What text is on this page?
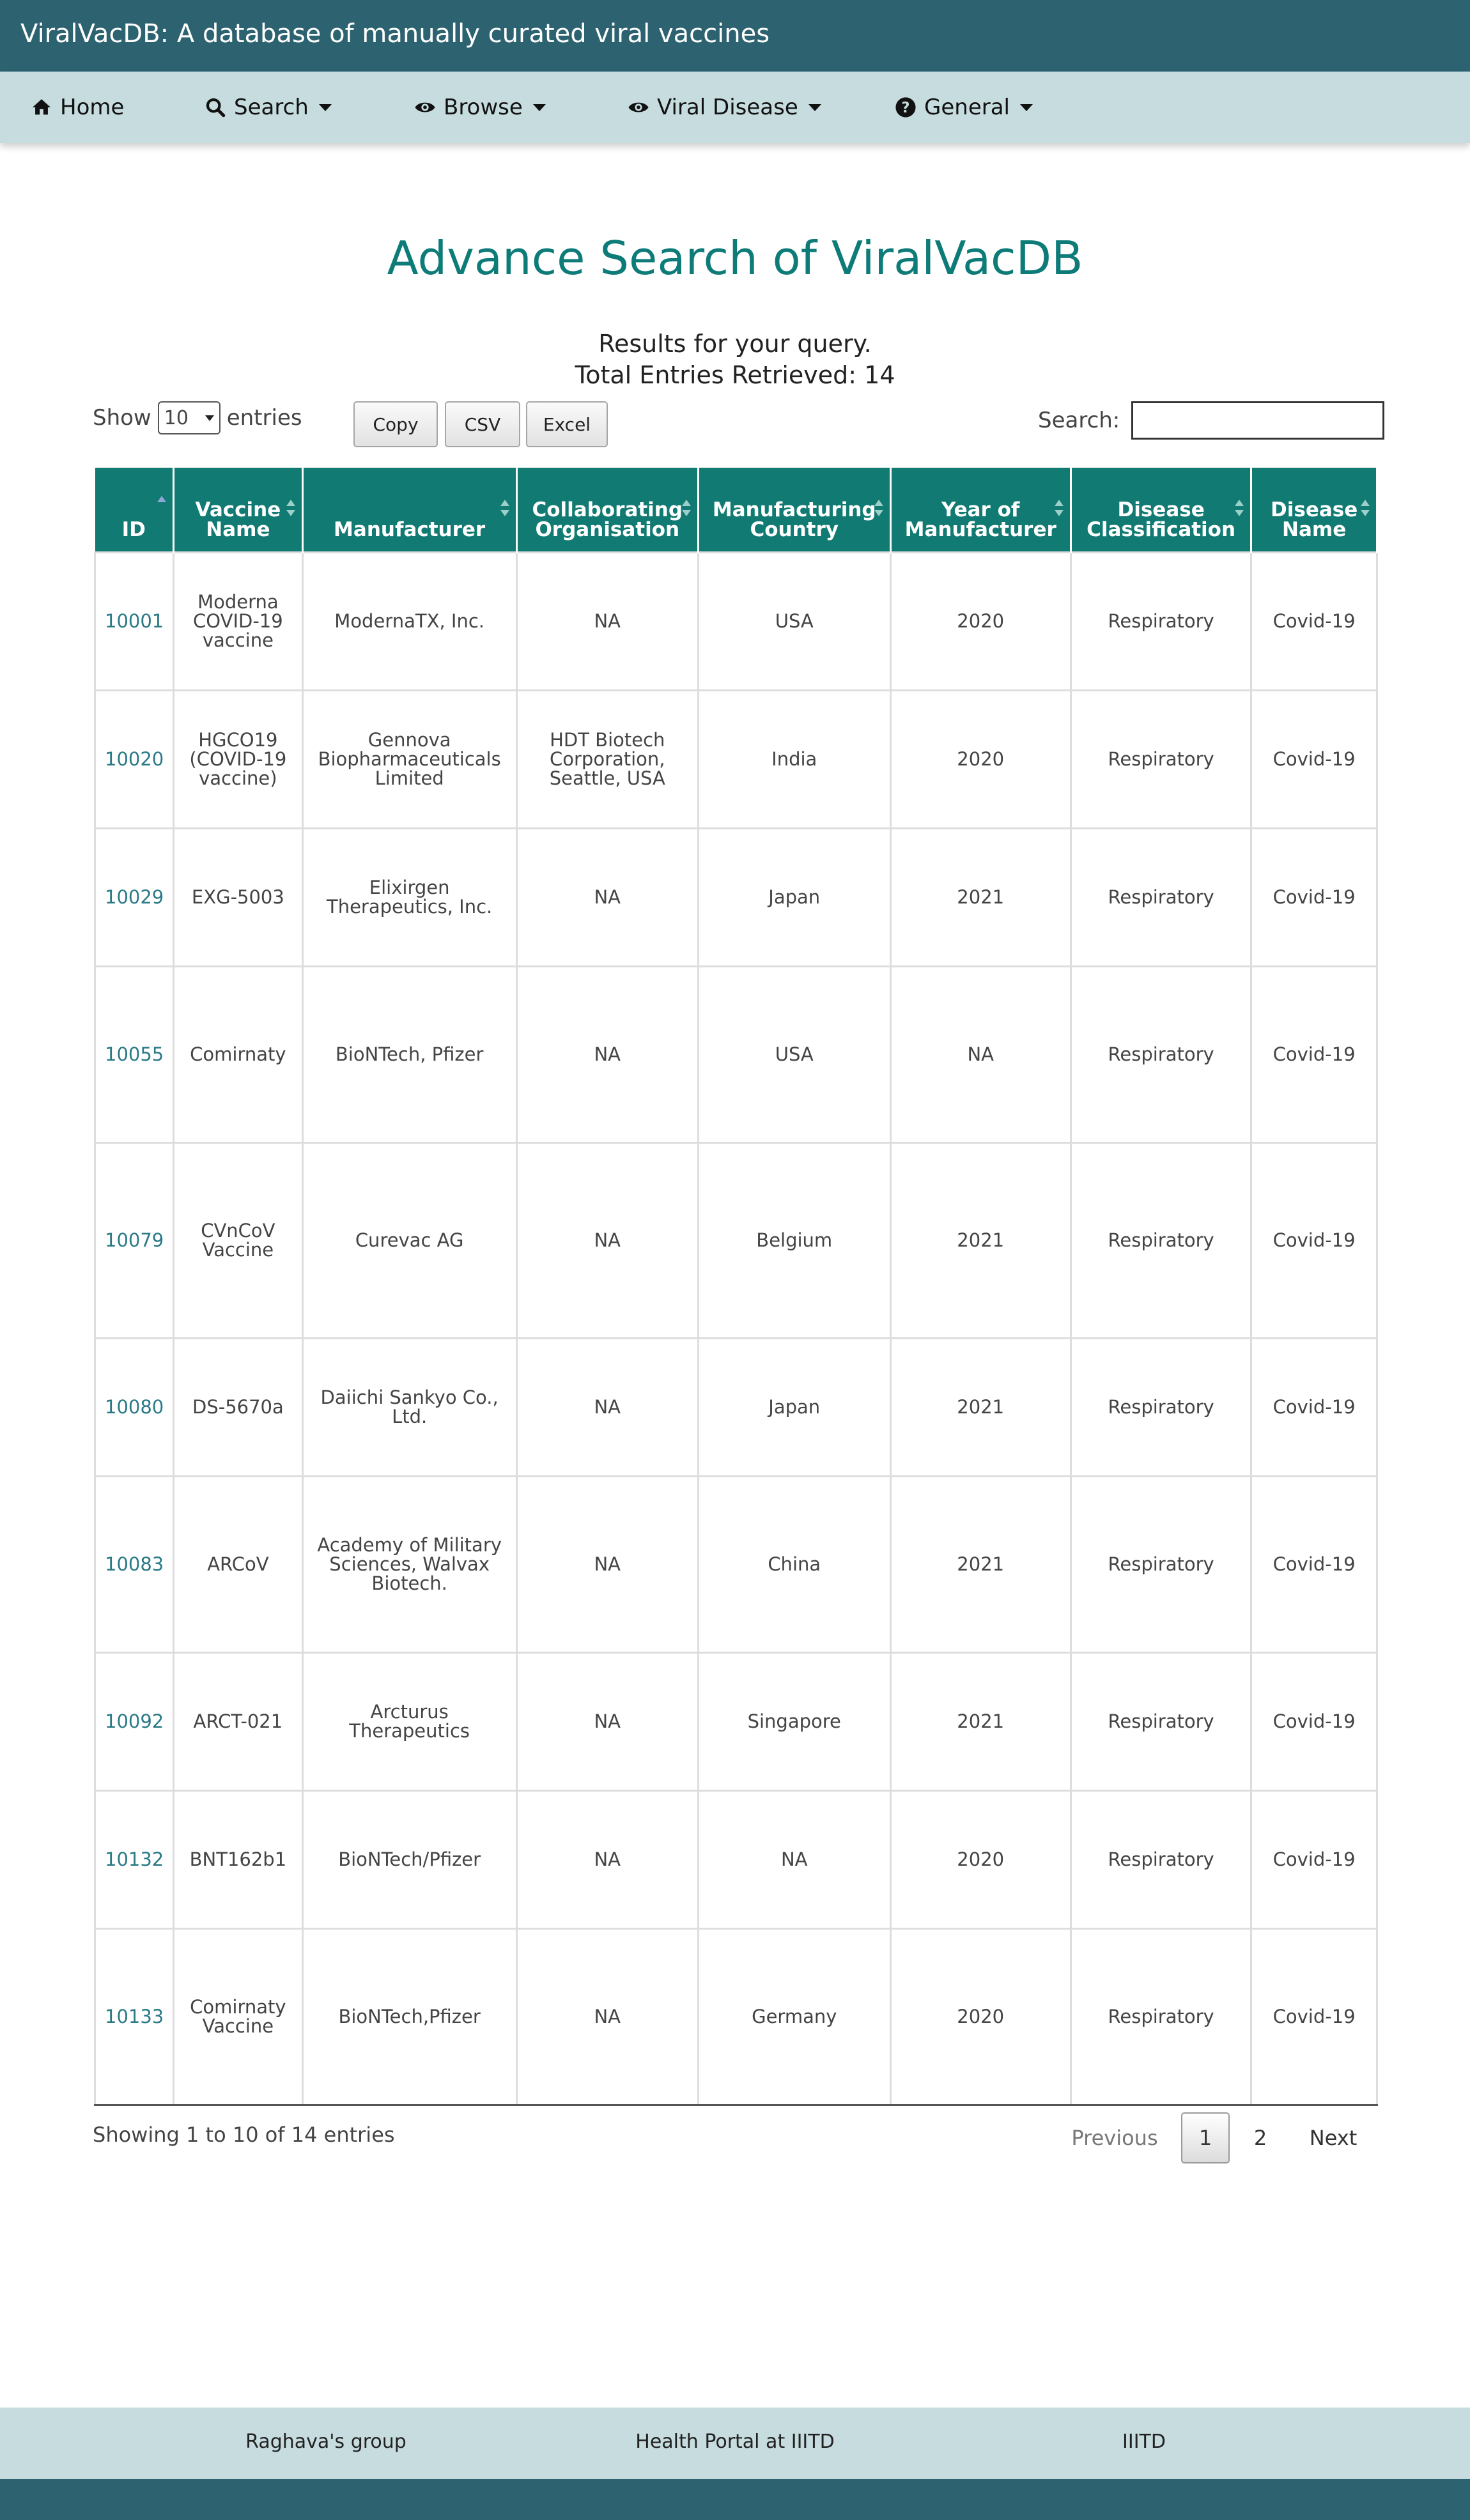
ViralVacDB: A database of manually curated viral vaccines
Home	Search	Browse	Viral Disease	? General
Advance Search of ViralVacDB
Results for your query.
Total Entries Retrieved: 14
Show 10 entries	Copy	CSV	Excel	Search:
ID	Vaccine Name	Manufacturer	Collaborating Organisation	Manufacturing Country	Year of Manufacturer	Disease Classification	Disease Name

10001	Moderna COVID-19 vaccine	ModernaTX, Inc.	NA	USA	2020	Respiratory	Covid-19
10020	HGCO19 (COVID-19 vaccine)	Gennova Biopharmaceuticals Limited	HDT Biotech Corporation, Seattle, USA	India	2020	Respiratory	Covid-19
10029	EXG-5003	Elixirgen Therapeutics, Inc.	NA	Japan	2021	Respiratory	Covid-19
10055	Comirnaty	BioNTech, Pfizer	NA	USA	NA	Respiratory	Covid-19
10079	CVnCoV Vaccine	Curevac AG	NA	Belgium	2021	Respiratory	Covid-19
10080	DS-5670a	Daiichi Sankyo Co., Ltd.	NA	Japan	2021	Respiratory	Covid-19
10083	ARCoV	Academy of Military Sciences, Walvax Biotech.	NA	China	2021	Respiratory	Covid-19
10092	ARCT-021	Arcturus Therapeutics	NA	Singapore	2021	Respiratory	Covid-19
10132	BNT162b1	BioNTech/Pfizer	NA	NA	2020	Respiratory	Covid-19
10133	Comirnaty Vaccine	BioNTech,Pfizer	NA	Germany	2020	Respiratory	Covid-19
Showing 1 to 10 of 14 entries	Previous	1	2	Next
Raghava's group	Health Portal at IIITD	IIITD
